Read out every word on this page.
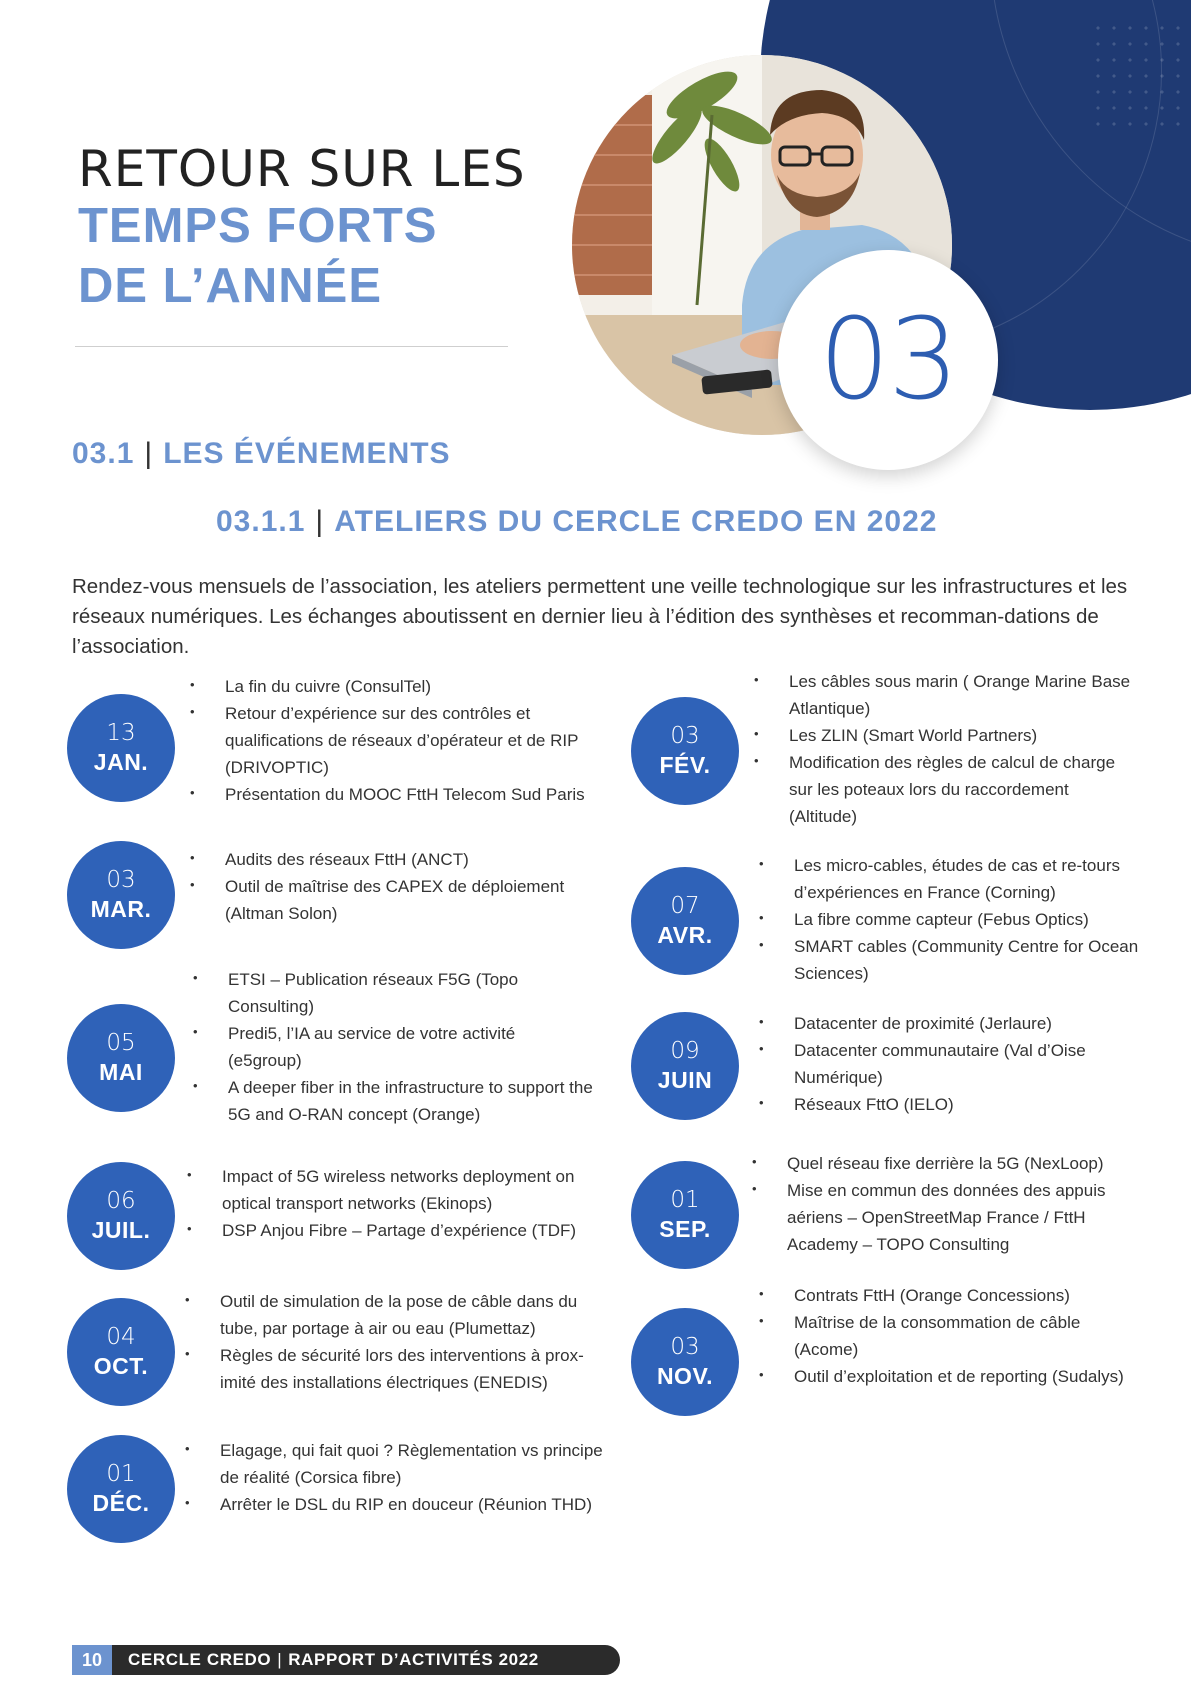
03
RETOUR SUR LES
TEMPS FORTS
DE L’ANNÉE
03.1 | LES ÉVÉNEMENTS
03.1.1 | ATELIERS DU CERCLE CREDO EN 2022

Rendez-vous mensuels de l’association, les ateliers permettent une veille technologique sur les infrastructures et les réseaux numériques. Les échanges aboutissent en dernier lieu à l’édition des synthèses et recomman-dations de l’association.

13
JAN.
• La fin du cuivre (ConsulTel)
• Retour d’expérience sur des contrôles et qualifications de réseaux d’opérateur et de RIP (DRIVOPTIC)
• Présentation du MOOC FttH Telecom Sud Paris
03
MAR.
• Audits des réseaux FttH (ANCT)
• Outil de maîtrise des CAPEX de déploiement (Altman Solon)
05
MAI
• ETSI – Publication réseaux F5G (Topo Consulting)
• Predi5, l’IA au service de votre activité (e5group)
• A deeper fiber in the infrastructure to support the 5G and O-RAN concept (Orange)
06
JUIL.
• Impact of 5G wireless networks deployment on optical transport networks (Ekinops)
• DSP Anjou Fibre – Partage d’expérience (TDF)
04
OCT.
• Outil de simulation de la pose de câble dans du tube, par portage à air ou eau (Plumettaz)
• Règles de sécurité lors des interventions à prox-imité des installations électriques (ENEDIS)
01
DÉC.
• Elagage, qui fait quoi ? Règlementation vs principe de réalité (Corsica fibre)
• Arrêter le DSL du RIP en douceur (Réunion THD)
03
FÉV.
• Les câbles sous marin ( Orange Marine Base Atlantique)
• Les ZLIN (Smart World Partners)
• Modification des règles de calcul de charge sur les poteaux lors du raccordement (Altitude)
07
AVR.
• Les micro-cables, études de cas et re-tours d’expériences en France (Corning)
• La fibre comme capteur (Febus Optics)
• SMART cables (Community Centre for Ocean Sciences)
09
JUIN
• Datacenter de proximité (Jerlaure)
• Datacenter communautaire (Val d’Oise Numérique)
• Réseaux FttO (IELO)
01
SEP.
• Quel réseau fixe derrière la 5G (NexLoop)
• Mise en commun des données des appuis aériens – OpenStreetMap France / FttH Academy – TOPO Consulting
03
NOV.
• Contrats FttH (Orange Concessions)
• Maîtrise de la consommation de câble (Acome)
• Outil d’exploitation et de reporting (Sudalys)
10	CERCLE CREDO | RAPPORT D’ACTIVITÉS 2022
